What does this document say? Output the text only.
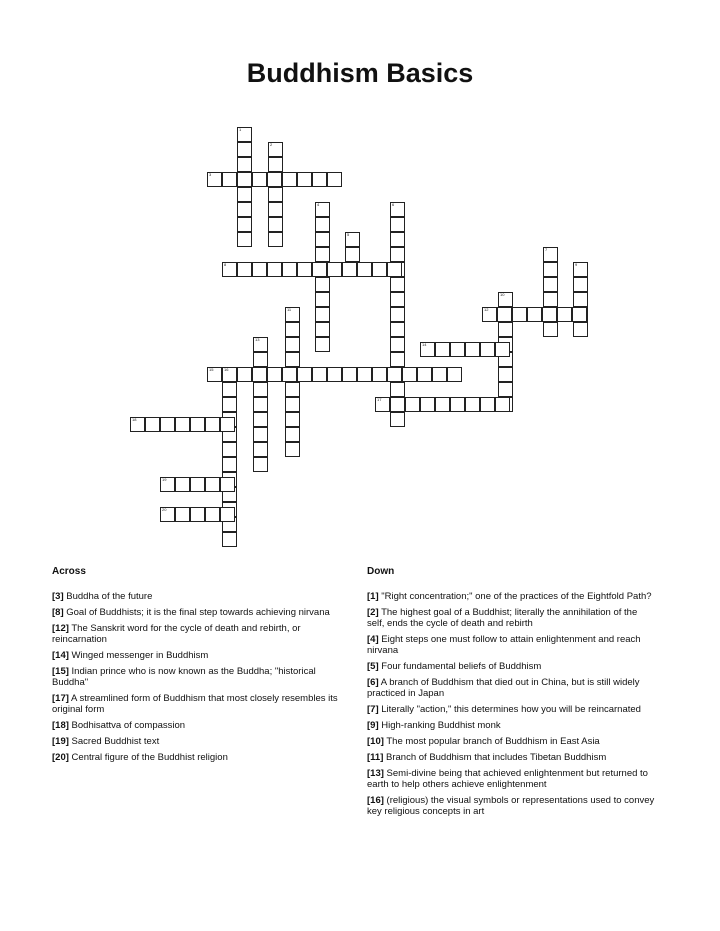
Buddhism Basics
1
2
4
5
6
7
9
10
11
13
16
3
8
12
14
15
17
18
19
20
Across
[3] Buddha of the future
[8] Goal of Buddhists; it is the final step towards achieving nirvana
[12] The Sanskrit word for the cycle of death and rebirth, or reincarnation
[14] Winged messenger in Buddhism
[15] Indian prince who is now known as the Buddha; "historical Buddha"
[17] A streamlined form of Buddhism that most closely resembles its original form
[18] Bodhisattva of compassion
[19] Sacred Buddhist text
[20] Central figure of the Buddhist religion
Down
[1] "Right concentration;" one of the practices of the Eightfold Path?
[2] The highest goal of a Buddhist; literally the annihilation of the self, ends the cycle of death and rebirth
[4] Eight steps one must follow to attain enlightenment and reach nirvana
[5] Four fundamental beliefs of Buddhism
[6] A branch of Buddhism that died out in China, but is still widely practiced in Japan
[7] Literally "action," this determines how you will be reincarnated
[9] High-ranking Buddhist monk
[10] The most popular branch of Buddhism in East Asia
[11] Branch of Buddhism that includes Tibetan Buddhism
[13] Semi-divine being that achieved enlightenment but returned to earth to help others achieve enlightenment
[16] (religious) the visual symbols or representations used to convey key religious concepts in art
